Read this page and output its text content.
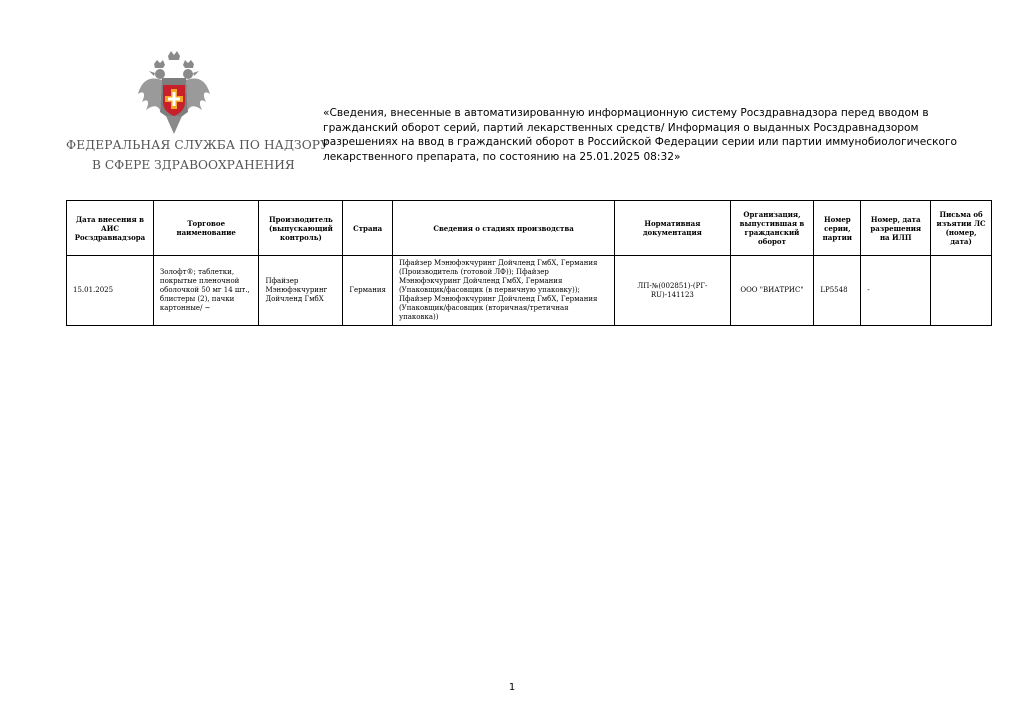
ФЕДЕРАЛЬНАЯ СЛУЖБА ПО НАДЗОРУ
В СФЕРЕ ЗДРАВООХРАНЕНИЯ
«Сведения, внесенные в автоматизированную информационную систему Росздравнадзора перед вводом в гражданский оборот серий, партий лекарственных средств/ Информация о выданных Росздравнадзором разрешениях на ввод в гражданский оборот в Российской Федерации серии или партии иммунобиологического лекарственного препарата, по состоянию на 25.01.2025 08:32»
Дата внесения в АИС Росздравнадзора	Торговое наименование	Производитель (выпускающий контроль)	Страна	Сведения о стадиях производства	Нормативная документация	Организация, выпустившая в гражданский оборот	Номер серии, партии	Номер, дата разрешения на ИЛП	Письма об изъятии ЛС (номер, дата)
15.01.2025	Золофт®; таблетки, покрытые пленочной оболочкой 50 мг 14 шт., блистеры (2), пачки картонные/ ~	Пфайзер Мэнюфэкчуринг Дойчленд ГмбХ	Германия	Пфайзер Мэнюфэкчуринг Дойчленд ГмбХ, Германия (Производитель (готовой ЛФ)); Пфайзер Мэнюфэкчуринг Дойчленд ГмбХ, Германия (Упаковщик/фасовщик (в первичную упаковку)); Пфайзер Мэнюфэкчуринг Дойчленд ГмбХ, Германия (Упаковщик/фасовщик (вторичная/третичная упаковка))	ЛП-№(002851)-(РГ-RU)-141123	ООО "ВИАТРИС"	LP5548	-	
1
